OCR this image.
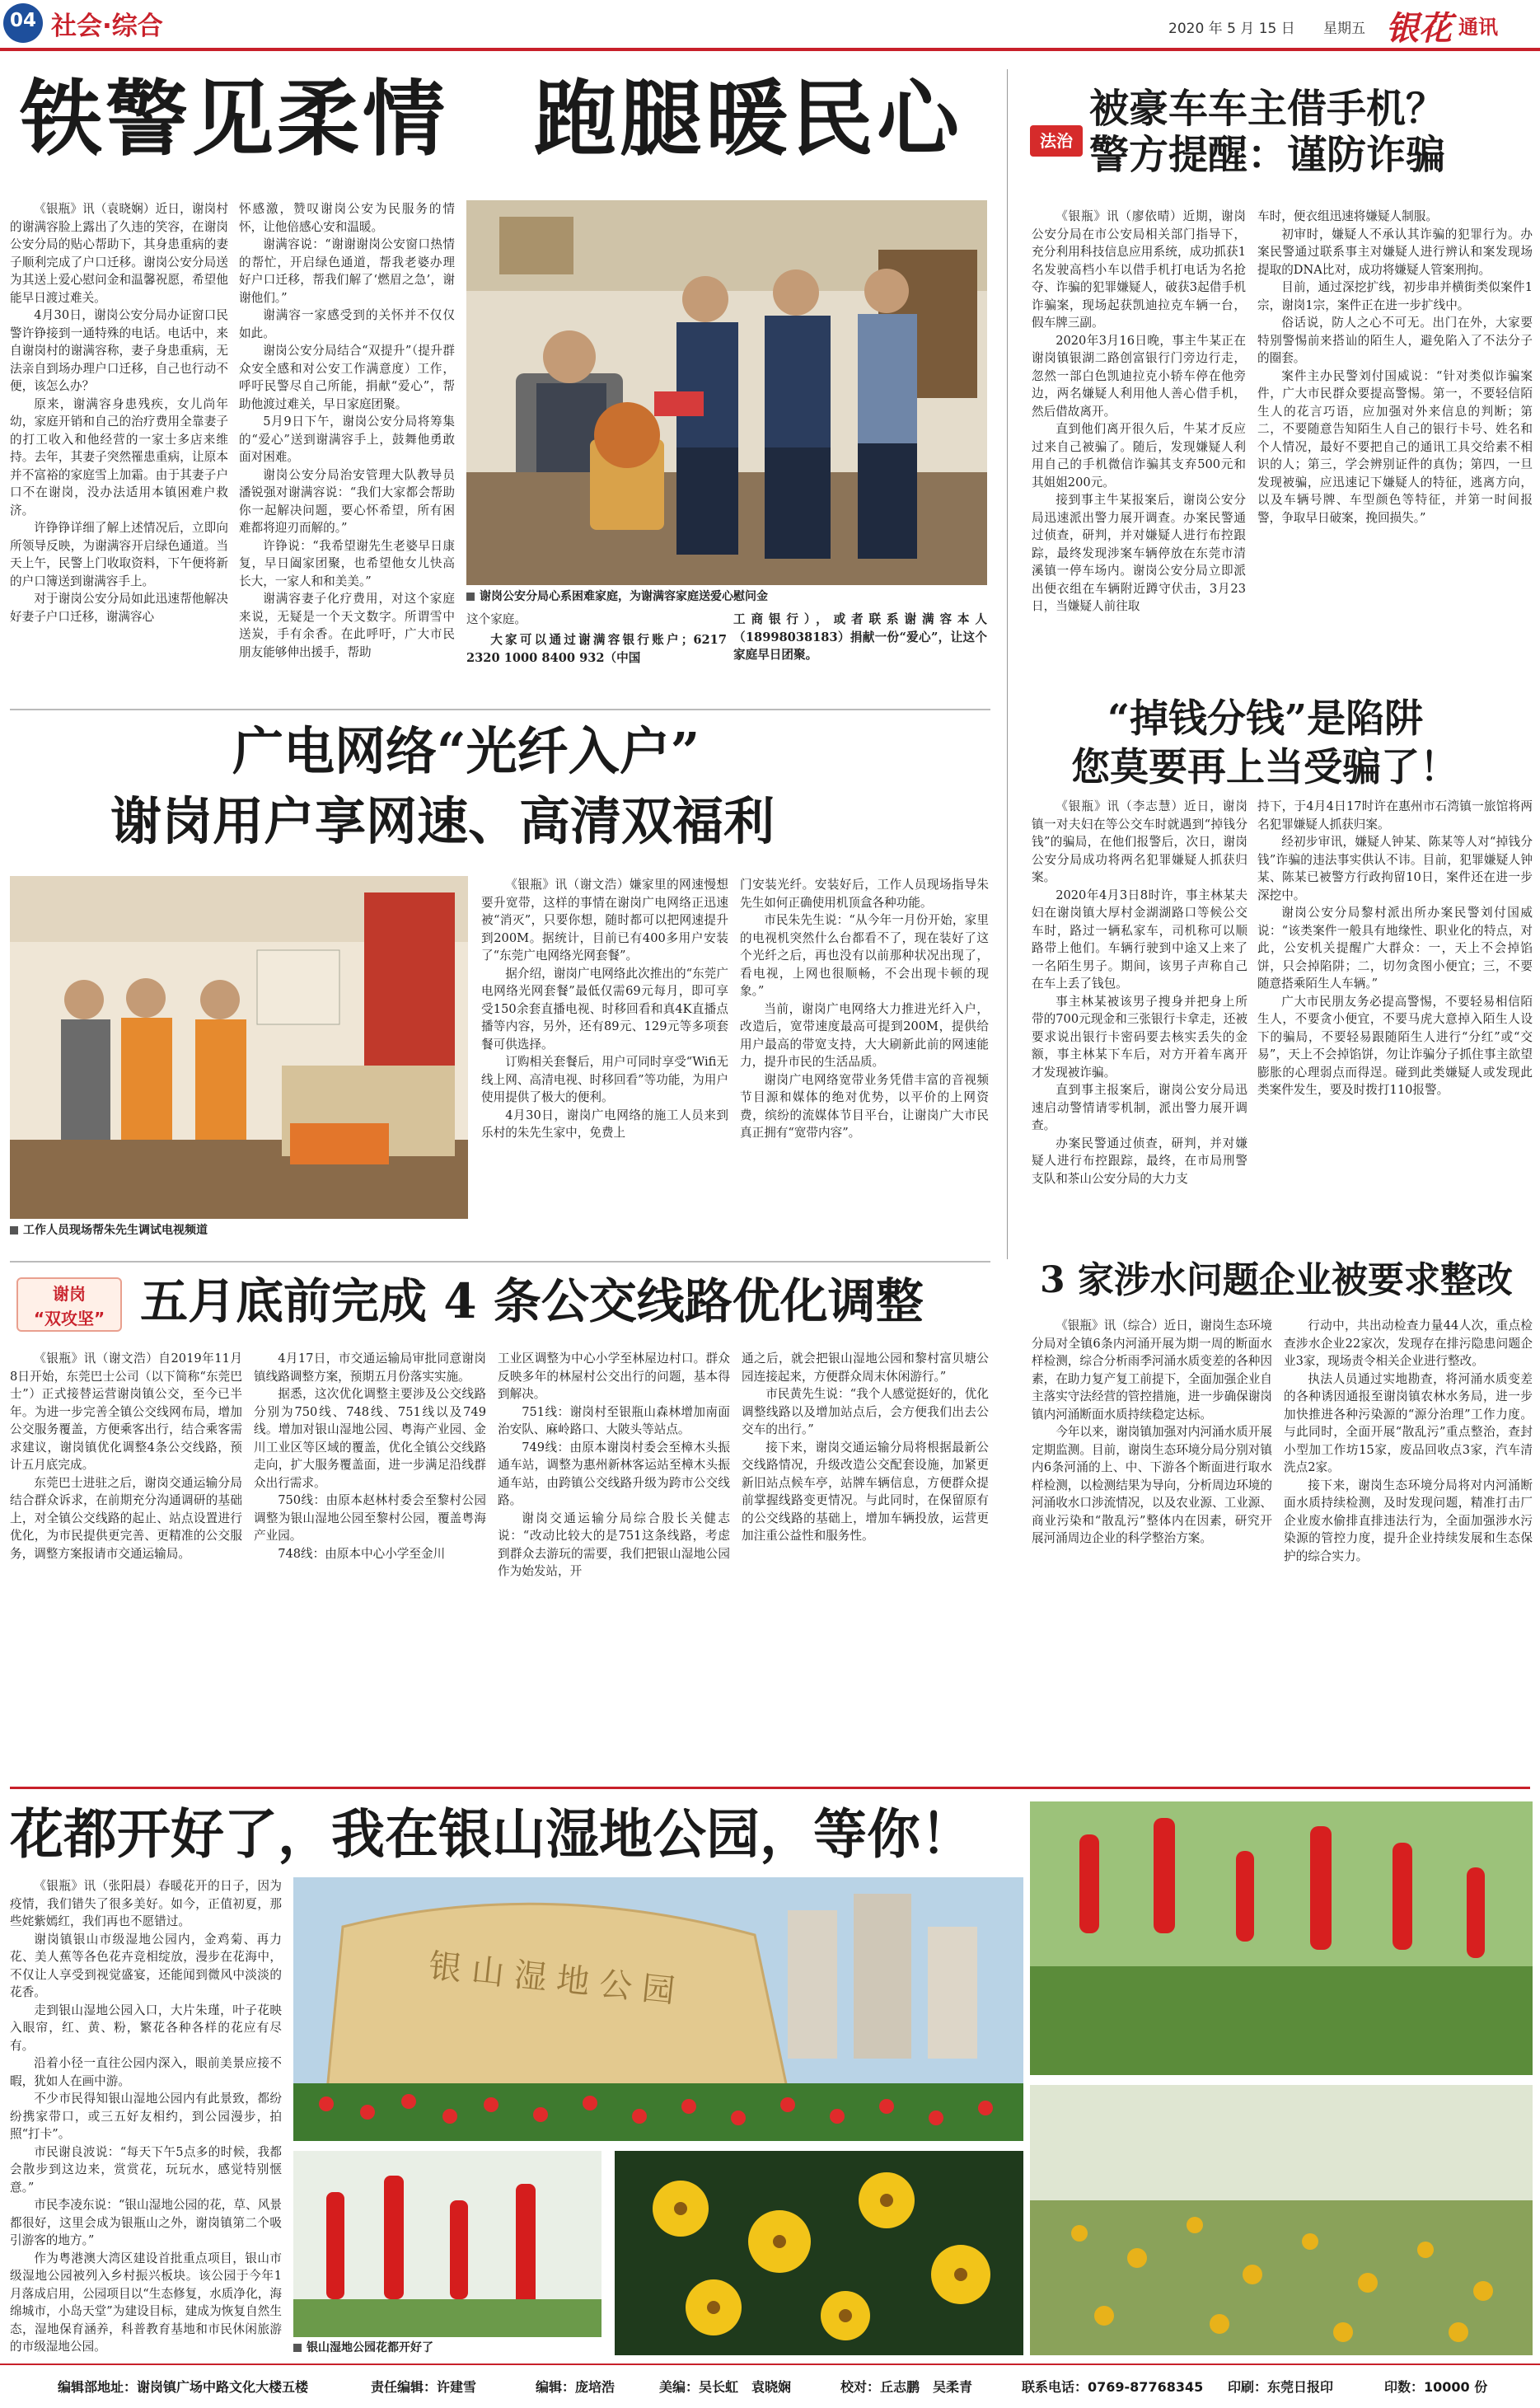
04 社会·综合	2020 年 5 月 15 日 星期五 银花 通讯
铁警见柔情　跑腿暖民心

《银瓶》讯（袁晓娴）近日，谢岗村的谢满容脸上露出了久违的笑容，在谢岗公安分局的贴心帮助下，其身患重病的妻子顺利完成了户口迁移。谢岗公安分局送为其送上爱心慰问金和温馨祝愿，希望他能早日渡过难关。

4月30日，谢岗公安分局办证窗口民警许铮接到一通特殊的电话。电话中，来自谢岗村的谢满容称，妻子身患重病，无法亲自到场办理户口迁移，自己也行动不便，该怎么办？

原来，谢满容身患残疾，女儿尚年幼，家庭开销和自己的治疗费用全靠妻子的打工收入和他经营的一家士多店来维持。去年，其妻子突然罹患重病，让原本并不富裕的家庭雪上加霜。由于其妻子户口不在谢岗，没办法适用本镇困难户救济。

许铮铮详细了解上述情况后，立即向所领导反映，为谢满容开启绿色通道。当天上午，民警上门收取资料，下午便将新的户口簿送到谢满容手上。

对于谢岗公安分局如此迅速帮他解决好妻子户口迁移，谢满容心

怀感激，赞叹谢岗公安为民服务的情怀，让他倍感心安和温暖。

谢满容说：“谢谢谢岗公安窗口热情的帮忙，开启绿色通道，帮我老婆办理好户口迁移，帮我们解了‘燃眉之急’，谢谢他们。”

谢满容一家感受到的关怀并不仅仅如此。

谢岗公安分局结合“双提升”（提升群众安全感和对公安工作满意度）工作，呼吁民警尽自己所能，捐献“爱心”，帮助他渡过难关，早日家庭团聚。

5月9日下午，谢岗公安分局将筹集的“爱心”送到谢满容手上，鼓舞他勇敢面对困难。

谢岗公安分局治安管理大队教导员潘锐强对谢满容说：“我们大家都会帮助你一起解决问题，要心怀希望，所有困难都将迎刃而解的。”

许铮说：“我希望谢先生老婆早日康复，早日阖家团聚，也希望他女儿快高长大，一家人和和美美。”

谢满容妻子化疗费用，对这个家庭来说，无疑是一个天文数字。所谓雪中送炭，手有余香。在此呼吁，广大市民朋友能够伸出援手，帮助

谢岗公安分局心系困难家庭，为谢满容家庭送爱心慰问金

这个家庭。

大家可以通过谢满容银行账户；6217 2320 1000 8400 932（中国
工商银行），或者联系谢满容本人（18998038183）捐献一份“爱心”，让这个家庭早日团聚。
法治
被豪车车主借手机？
警方提醒：谨防诈骗

《银瓶》讯（廖依晴）近期，谢岗公安分局在市公安局相关部门指导下，充分利用科技信息应用系统，成功抓获1名发驶高档小车以借手机打电话为名抢夺、诈骗的犯罪嫌疑人，破获3起借手机诈骗案，现场起获凯迪拉克车辆一台，假车牌三副。

2020年3月16日晚，事主牛某正在谢岗镇银湖二路创富银行门旁边行走，忽然一部白色凯迪拉克小轿车停在他旁边，两名嫌疑人利用他人善心借手机，然后借故离开。

直到他们离开很久后，牛某才反应过来自己被骗了。随后，发现嫌疑人利用自己的手机微信诈骗其支弃500元和其姐姐200元。

接到事主牛某报案后，谢岗公安分局迅速派出警力展开调查。办案民警通过侦查，研判，并对嫌疑人进行布控跟踪，最终发现涉案车辆停放在东莞市清溪镇一停车场内。谢岗公安分局立即派出便衣组在车辆附近蹲守伏击，3月23日，当嫌疑人前往取

车时，便衣组迅速将嫌疑人制服。

初审时，嫌疑人不承认其诈骗的犯罪行为。办案民警通过联系事主对嫌疑人进行辨认和案发现场提取的DNA比对，成功将嫌疑人管案刑拘。

目前，通过深挖扩线，初步串并横街类似案件1宗，谢岗1宗，案件正在进一步扩线中。

俗话说，防人之心不可无。出门在外，大家要特别警惕前来搭讪的陌生人，避免陷入了不法分子的圈套。

案件主办民警刘付国威说：“针对类似诈骗案件，广大市民群众要提高警惕。第一，不要轻信陌生人的花言巧语，应加强对外来信息的判断；第二，不要随意告知陌生人自己的银行卡号、姓名和个人情况，最好不要把自己的通讯工具交给素不相识的人；第三，学会辨别证件的真伪；第四，一旦发现被骗，应迅速记下嫌疑人的特征，逃离方向，以及车辆号牌、车型颜色等特征，并第一时间报警，争取早日破案，挽回损失。”

“掉钱分钱”是陷阱
您莫要再上当受骗了！

《银瓶》讯（李志慧）近日，谢岗镇一对夫妇在等公交车时就遇到“掉钱分钱”的骗局，在他们报警后，次日，谢岗公安分局成功将两名犯罪嫌疑人抓获归案。

2020年4月3日8时许，事主林某夫妇在谢岗镇大厚村金湖湖路口等候公交车时，路过一辆私家车，司机称可以顺路带上他们。车辆行驶到中途又上来了一名陌生男子。期间，该男子声称自己在车上丢了钱包。

事主林某被该男子搜身并把身上所带的700元现金和三张银行卡拿走，还被要求说出银行卡密码要去核实丢失的金额，事主林某下车后，对方开着车离开才发现被诈骗。

直到事主报案后，谢岗公安分局迅速启动警情请零机制，派出警力展开调查。

办案民警通过侦查，研判，并对嫌疑人进行布控跟踪，最终，在市局刑警支队和茶山公安分局的大力支

持下，于4月4日17时许在惠州市石湾镇一旅馆将两名犯罪嫌疑人抓获归案。

经初步审讯，嫌疑人钟某、陈某等人对“掉钱分钱”诈骗的违法事实供认不讳。目前，犯罪嫌疑人钟某、陈某已被警方行政拘留10日，案件还在进一步深挖中。

谢岗公安分局黎村派出所办案民警刘付国威说：“该类案件一般具有地缘性、职业化的特点，对此，公安机关提醒广大群众：一，天上不会掉馅饼，只会掉陷阱；二，切勿贪图小便宜；三，不要随意搭乘陌生人车辆。”

广大市民朋友务必提高警惕，不要轻易相信陌生人，不要贪小便宜，不要马虎大意掉入陌生人设下的骗局，不要轻易跟随陌生人进行“分红”或“交易”，天上不会掉馅饼，勿让诈骗分子抓住事主欲望膨胀的心理弱点而得逞。碰到此类嫌疑人或发现此类案件发生，要及时拨打110报警。

广电网络“光纤入户”
谢岗用户享网速、高清双福利
工作人员现场帮朱先生调试电视频道

《银瓶》讯（谢文浩）嫌家里的网速慢想要升宽带，这样的事情在谢岗广电网络正迅速被“消灭”，只要你想，随时都可以把网速提升到200M。据统计，目前已有400多用户安装了“东莞广电网络光网套餐”。

据介绍，谢岗广电网络此次推出的“东莞广电网络光网套餐”最低仅需69元每月，即可享受150余套直播电视、时移回看和真4K直播点播等内容，另外，还有89元、129元等多项套餐可供选择。

订购相关套餐后，用户可同时享受“Wifi无线上网、高清电视、时移回看”等功能，为用户使用提供了极大的便利。

4月30日，谢岗广电网络的施工人员来到乐村的朱先生家中，免费上

门安装光纤。安装好后，工作人员现场指导朱先生如何正确使用机顶盒各种功能。

市民朱先生说：“从今年一月份开始，家里的电视机突然什么台都看不了，现在装好了这个光纤之后，再也没有以前那种状况出现了，看电视，上网也很顺畅，不会出现卡顿的现象。”

当前，谢岗广电网络大力推进光纤入户，改造后，宽带速度最高可提到200M，提供给用户最高的带宽支持，大大刷新此前的网速能力，提升市民的生活品质。

谢岗广电网络宽带业务凭借丰富的音视频节目源和媒体的绝对优势，以平价的上网资费，缤纷的流媒体节目平台，让谢岗广大市民真正拥有“宽带内容”。

谢岗
“双攻坚” 五月底前完成 4 条公交线路优化调整

《银瓶》讯（谢文浩）自2019年11月8日开始，东莞巴士公司（以下简称“东莞巴士”）正式接替运营谢岗镇公交，至今已半年。为进一步完善全镇公交线网布局，增加公交服务覆盖，方便乘客出行，结合乘客需求建议，谢岗镇优化调整4条公交线路，预计五月底完成。

东莞巴士进驻之后，谢岗交通运输分局结合群众诉求，在前期充分沟通调研的基础上，对全镇公交线路的起止、站点设置进行优化，为市民提供更完善、更精准的公交服务，调整方案报请市交通运输局。

4月17日，市交通运输局审批同意谢岗镇线路调整方案，预期五月份落实实施。

据悉，这次优化调整主要涉及公交线路分别为750线、748线、751线以及749线。增加对银山湿地公园、粤海产业园、金川工业区等区域的覆盖，优化全镇公交线路走向，扩大服务覆盖面，进一步满足沿线群众出行需求。

750线：由原本赵林村委会至黎村公园调整为银山湿地公园至黎村公园，覆盖粤海产业园。

748线：由原本中心小学至金川

工业区调整为中心小学至林屋边村口。群众反映多年的林屋村公交出行的问题，基本得到解决。

751线：谢岗村至银瓶山森林增加南面治安队、麻岭路口、大陂头等站点。

749线：由原本谢岗村委会至樟木头振通车站，调整为惠州新林客运站至樟木头振通车站，由跨镇公交线路升级为跨市公交线路。

谢岗交通运输分局综合股长关健志说：“改动比较大的是751这条线路，考虑到群众去游玩的需要，我们把银山湿地公园作为始发站，开

通之后，就会把银山湿地公园和黎村富贝塘公园连接起来，方便群众周末休闲游行。”

市民黄先生说：“我个人感觉挺好的，优化调整线路以及增加站点后，会方便我们出去公交车的出行。”

接下来，谢岗交通运输分局将根据最新公交线路情况，升级改造公交配套设施，加紧更新旧站点候车亭，站牌车辆信息，方便群众提前掌握线路变更情况。与此同时，在保留原有的公交线路的基础上，增加车辆投放，运营更加注重公益性和服务性。

3 家涉水问题企业被要求整改

《银瓶》讯（综合）近日，谢岗生态环境分局对全镇6条内河涌开展为期一周的断面水样检测，综合分析雨季河涌水质变差的各种因素，在助力复产复工前提下，全面加强企业自主落实守法经营的管控措施，进一步确保谢岗镇内河涌断面水质持续稳定达标。

今年以来，谢岗镇加强对内河涌水质开展定期监测。目前，谢岗生态环境分局分别对镇内6条河涌的上、中、下游各个断面进行取水样检测，以检测结果为导向，分析周边环境的河涌收水口涉流情况，以及农业源、工业源、商业污染和“散乱污”整体内在因素，研究开展河涌周边企业的科学整治方案。

行动中，共出动检查力量44人次，重点检查涉水企业22家次，发现存在排污隐患问题企业3家，现场责令相关企业进行整改。

执法人员通过实地勘查，将河涌水质变差的各种诱因通报至谢岗镇农林水务局，进一步加快推进各种污染源的“源分治理”工作力度。与此同时，全面开展“散乱污”重点整治，查封小型加工作坊15家，废品回收点3家，汽车清洗点2家。

接下来，谢岗生态环境分局将对内河涌断面水质持续检测，及时发现问题，精准打击厂企业废水偷排直排违法行为，全面加强涉水污染源的管控力度，提升企业持续发展和生态保护的综合实力。

花都开好了，我在银山湿地公园，等你！

《银瓶》讯（张阳晨）春暖花开的日子，因为疫情，我们错失了很多美好。如今，正值初夏，那些姹紫嫣红，我们再也不愿错过。

谢岗镇银山市级湿地公园内，金鸡菊、再力花、美人蕉等各色花卉竞相绽放，漫步在花海中，不仅让人享受到视觉盛宴，还能闻到微风中淡淡的花香。

走到银山湿地公园入口，大片朱瑾，叶子花映入眼帘，红、黄、粉，繁花各种各样的花应有尽有。

沿着小径一直往公园内深入，眼前美景应接不暇，犹如人在画中游。

不少市民得知银山湿地公园内有此景致，都纷纷携家带口，或三五好友相约，到公园漫步，拍照“打卡”。

市民谢良波说：“每天下午5点多的时候，我都会散步到这边来，赏赏花，玩玩水，感觉特别惬意。”

市民李凌东说：“银山湿地公园的花，草、风景都很好，这里会成为银瓶山之外，谢岗镇第二个吸引游客的地方。”

作为粤港澳大湾区建设首批重点项目，银山市级湿地公园被列入乡村振兴板块。该公园于今年1月落成启用，公园项目以“生态修复，水质净化，海绵城市，小岛天堂”为建设目标，建成为恢复自然生态，湿地保育涵养，科普教育基地和市民休闲旅游的市级湿地公园。

银山湿地公园
银山湿地公园花都开好了
编辑部地址：谢岗镇广场中路文化大楼五楼	责任编辑：许建雪	编辑：庞培浩	美编：吴长虹　袁晓娴	校对：丘志鹏　吴柔青	联系电话：0769-87768345 印刷：东莞日报印	印数：10000 份
